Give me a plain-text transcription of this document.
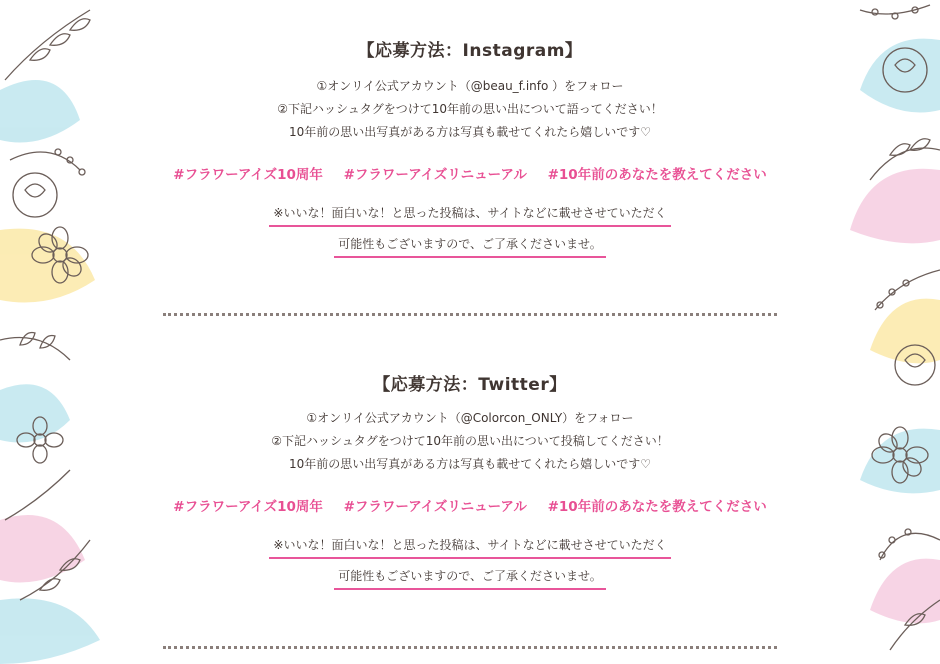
【応募方法：Instagram】
①オンリイ公式アカウント（@beau_f.info ）をフォロー
②下記ハッシュタグをつけて10年前の思い出について語ってください！
10年前の思い出写真がある方は写真も載せてくれたら嬉しいです♡
#フラワーアイズ10周年 #フラワーアイズリニューアル #10年前のあなたを教えてください
※いいな！面白いな！と思った投稿は、サイトなどに載せさせていただく
可能性もございますので、ご了承くださいませ。
【応募方法：Twitter】
①オンリイ公式アカウント（@Colorcon_ONLY）をフォロー
②下記ハッシュタグをつけて10年前の思い出について投稿してください！
10年前の思い出写真がある方は写真も載せてくれたら嬉しいです♡
#フラワーアイズ10周年 #フラワーアイズリニューアル #10年前のあなたを教えてください
※いいな！面白いな！と思った投稿は、サイトなどに載せさせていただく
可能性もございますので、ご了承くださいませ。
